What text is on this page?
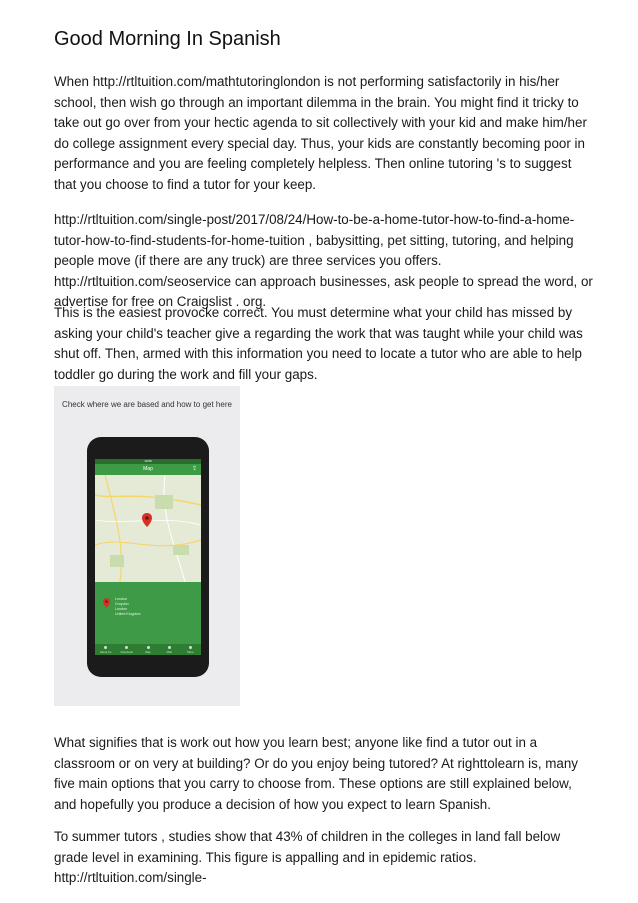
Good Morning In Spanish

When http://rtltuition.com/mathtutoringlondon is not performing satisfactorily in his/her school, then wish go through an important dilemma in the brain. You might find it tricky to take out go over from your hectic agenda to sit collectively with your kid and make him/her do college assignment every special day. Thus, your kids are constantly becoming poor in performance and you are feeling completely helpless. Then online tutoring 's to suggest that you choose to find a tutor for your keep.

http://rtltuition.com/single-post/2017/08/24/How-to-be-a-home-tutor-how-to-find-a-home-tutor-how-to-find-students-for-home-tuition , babysitting, pet sitting, tutoring, and helping people move (if there are any truck) are three services you offers. http://rtltuition.com/seoservice can approach businesses, ask people to spread the word, or advertise for free on Craigslist . org.

This is the easiest provocke correct. You must determine what your child has missed by asking your child's teacher give a regarding the work that was taught while your child was shut off. Then, armed with this information you need to locate a tutor who are able to help toddler go during the work and fill your gaps.

Check where we are based and how to get here
19:56
Map	⇪
London
Croydon
London
United Kingdom
About Us	Facebook	Map	Mail	More

What signifies that is work out how you learn best; anyone like find a tutor out in a classroom or on very at building? Or do you enjoy being tutored? At righttolearn is, many five main options that you carry to choose from. These options are still explained below, and hopefully you produce a decision of how you expect to learn Spanish.

To summer tutors , studies show that 43% of children in the colleges in land fall below grade level in examining. This figure is appalling and in epidemic ratios. http://rtltuition.com/single-
